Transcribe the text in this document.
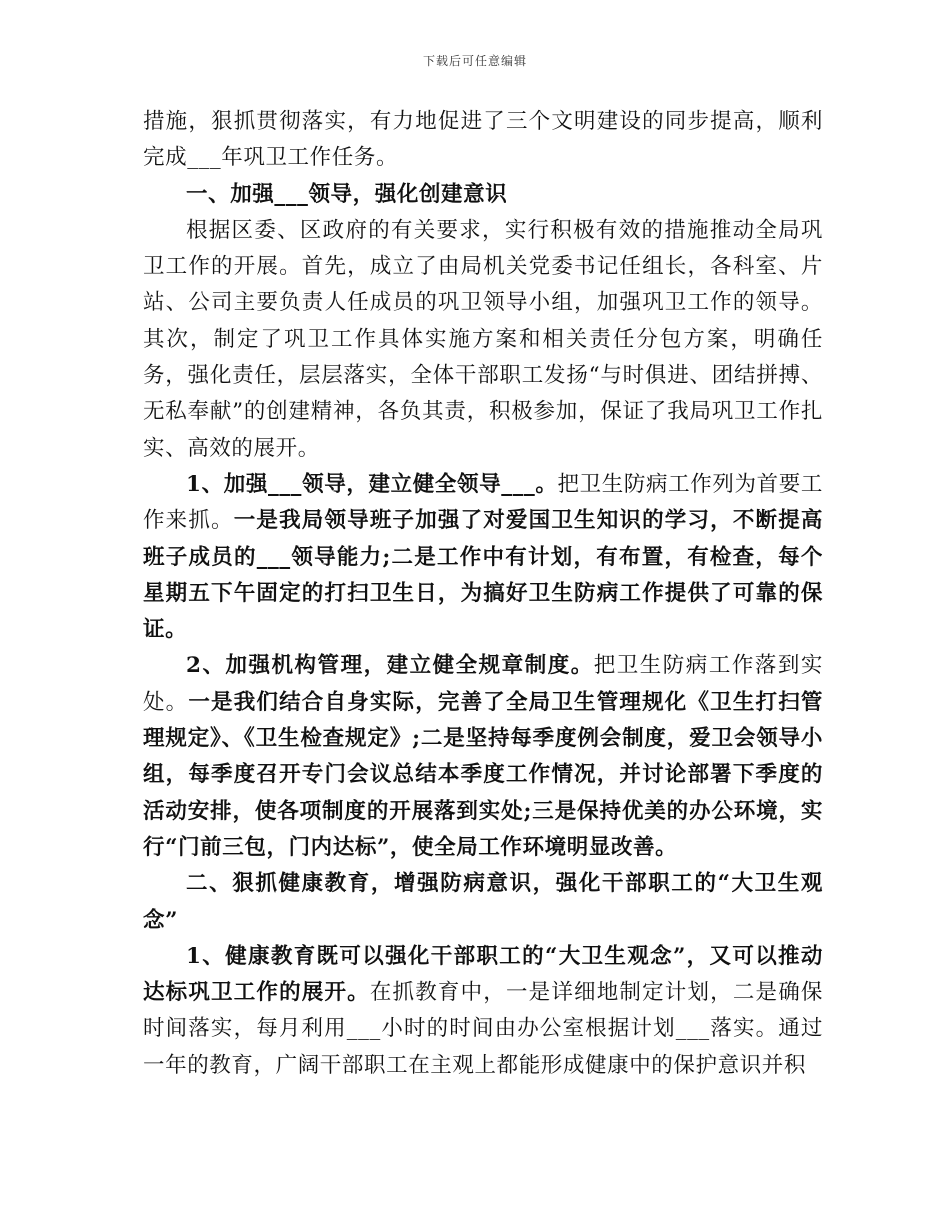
下载后可任意编辑

措施，狠抓贯彻落实，有力地促进了三个文明建设的同步提高，顺利完成___年巩卫工作任务。

一、加强___领导，强化创建意识

根据区委、区政府的有关要求，实行积极有效的措施推动全局巩卫工作的开展。首先，成立了由局机关党委书记任组长，各科室、片站、公司主要负责人任成员的巩卫领导小组，加强巩卫工作的领导。其次，制定了巩卫工作具体实施方案和相关责任分包方案，明确任务，强化责任，层层落实，全体干部职工发扬“与时俱进、团结拼搏、无私奉献”的创建精神，各负其责，积极参加，保证了我局巩卫工作扎实、高效的展开。

1、加强___领导，建立健全领导___。把卫生防病工作列为首要工作来抓。一是我局领导班子加强了对爱国卫生知识的学习，不断提高班子成员的___领导能力;二是工作中有计划，有布置，有检查，每个星期五下午固定的打扫卫生日，为搞好卫生防病工作提供了可靠的保证。

2、加强机构管理，建立健全规章制度。把卫生防病工作落到实处。一是我们结合自身实际，完善了全局卫生管理规化《卫生打扫管理规定》、《卫生检查规定》;二是坚持每季度例会制度，爱卫会领导小组，每季度召开专门会议总结本季度工作情况，并讨论部署下季度的活动安排，使各项制度的开展落到实处;三是保持优美的办公环境，实行“门前三包，门内达标”，使全局工作环境明显改善。

二、狠抓健康教育，增强防病意识，强化干部职工的“大卫生观念”

1、健康教育既可以强化干部职工的“大卫生观念”，又可以推动达标巩卫工作的展开。在抓教育中，一是详细地制定计划，二是确保时间落实，每月利用___小时的时间由办公室根据计划___落实。通过一年的教育，广阔干部职工在主观上都能形成健康中的保护意识并积
